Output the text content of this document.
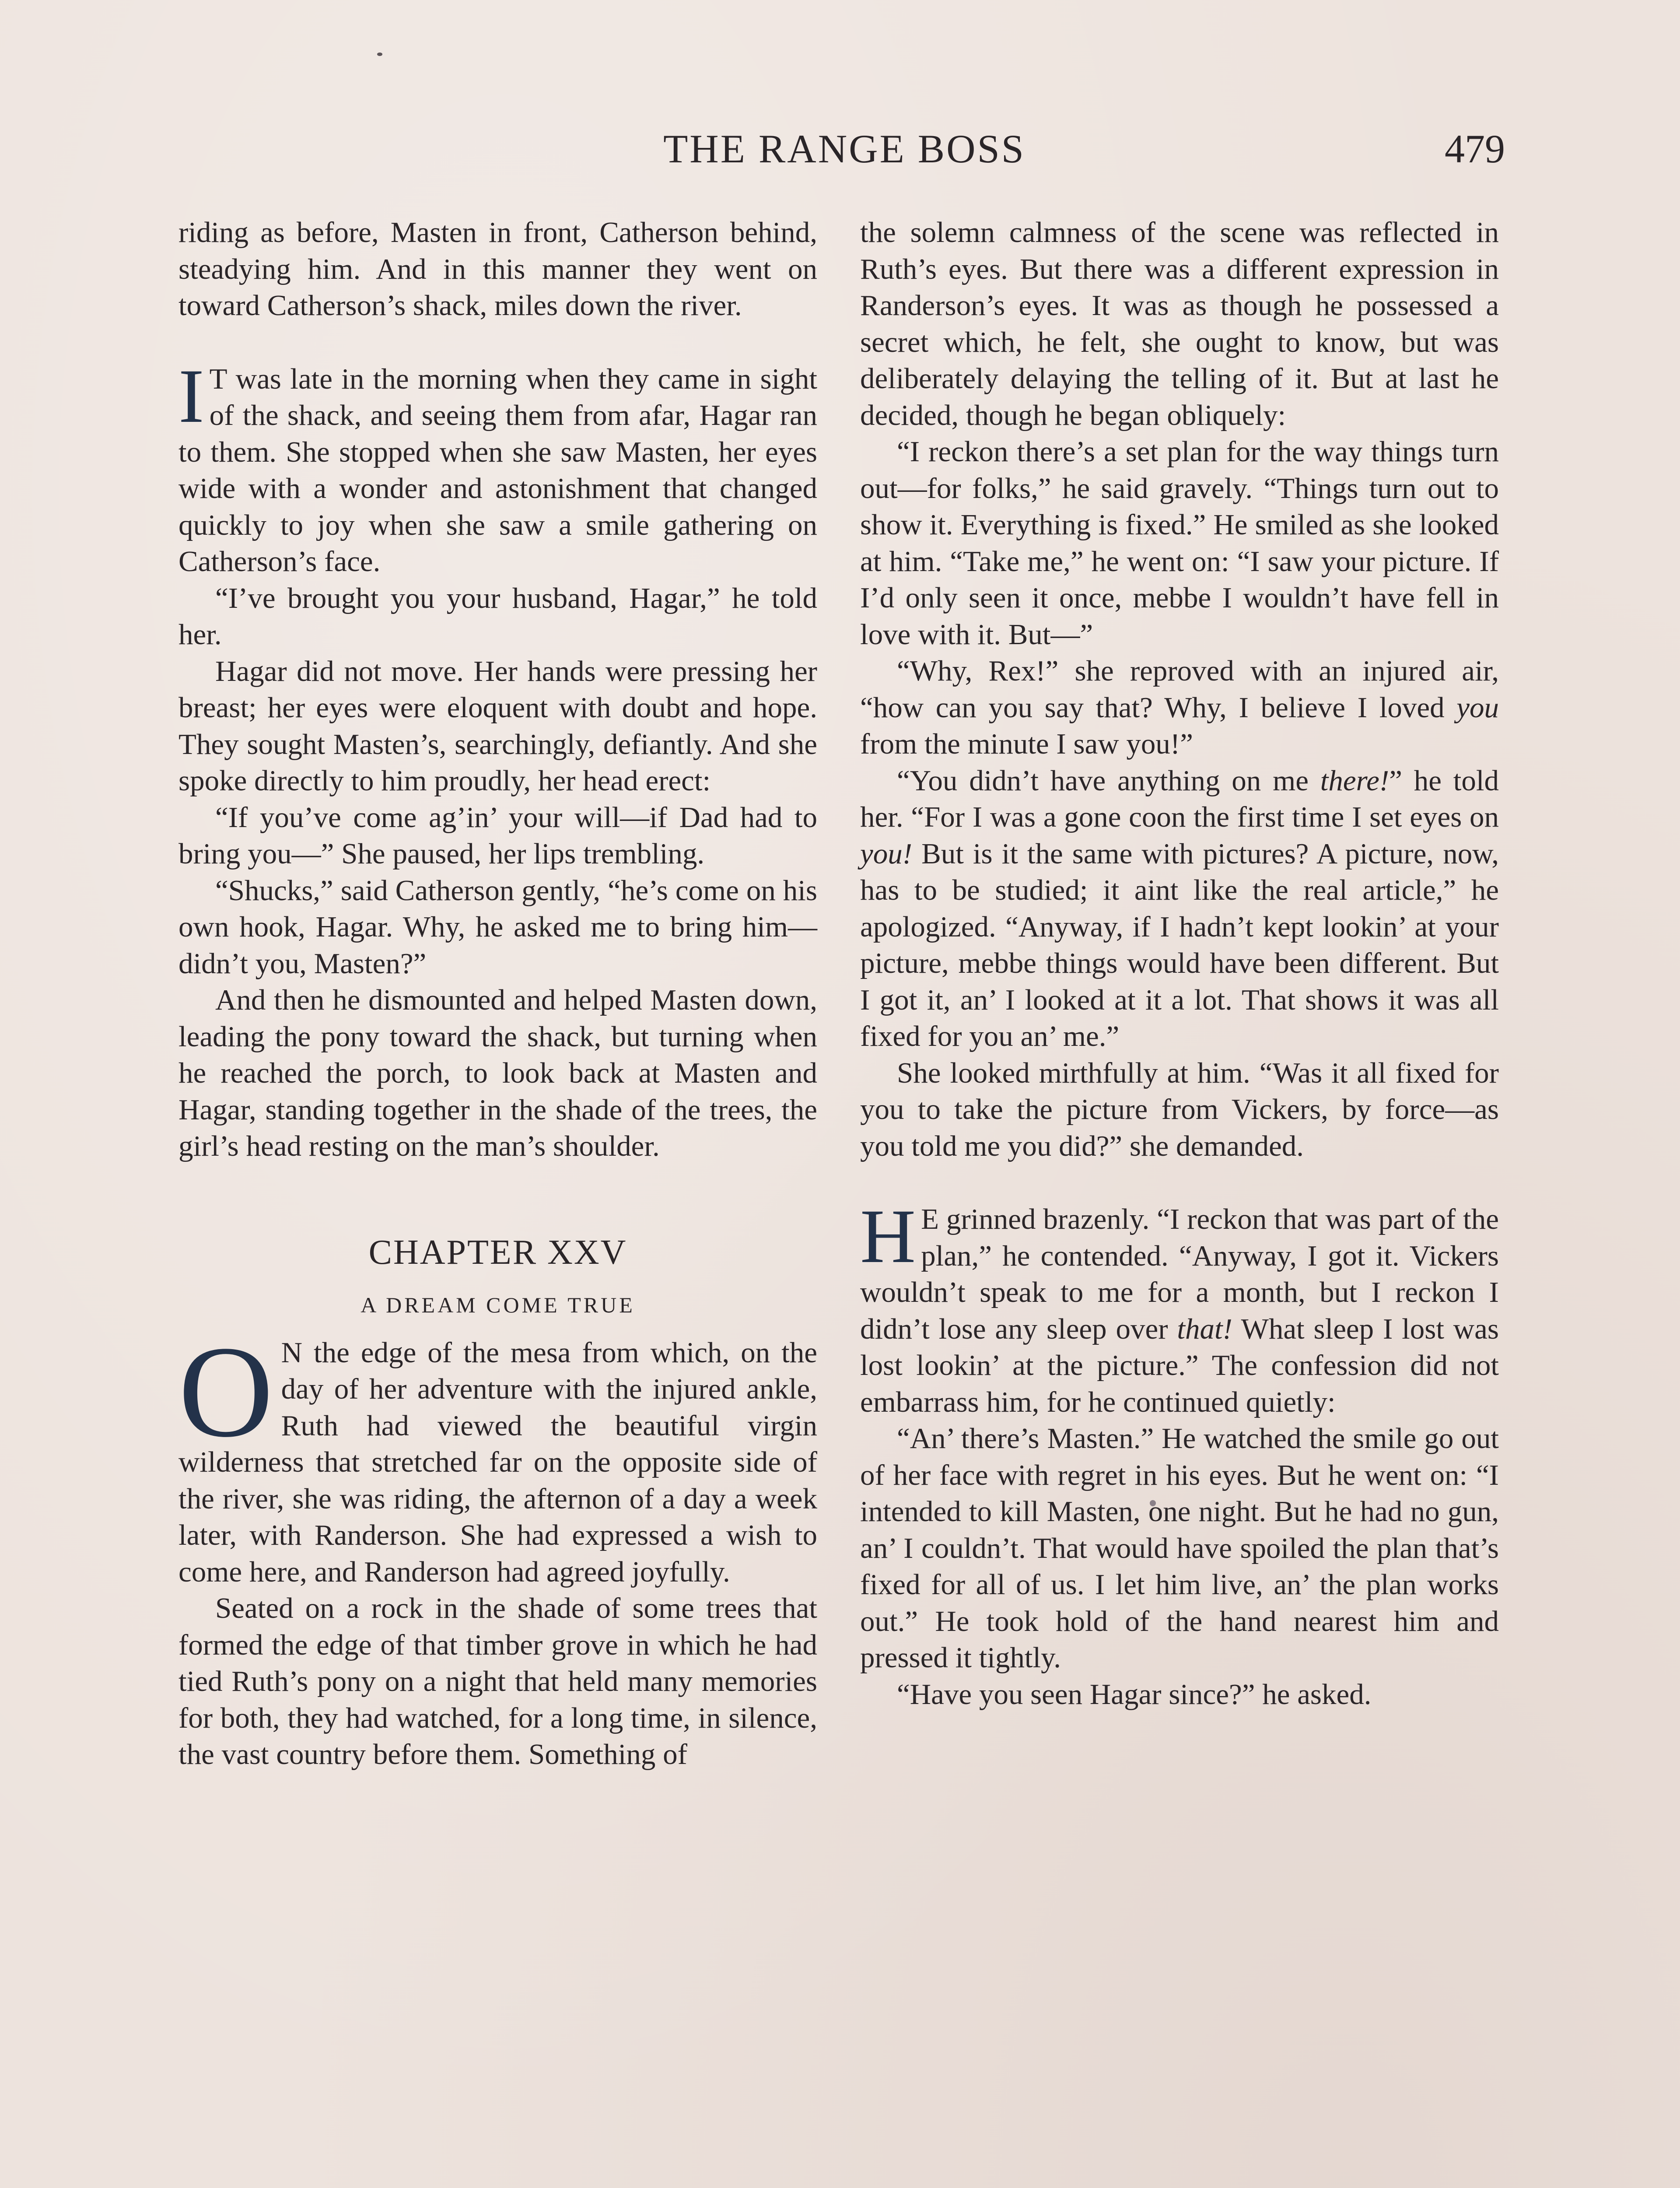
THE RANGE BOSS	479

riding as before, Masten in front, Catherson behind, steadying him. And in this manner they went on toward Catherson’s shack, miles down the river.

I T was late in the morning when they came in sight of the shack, and seeing them from afar, Hagar ran to them. She stopped when she saw Masten, her eyes wide with a wonder and astonishment that changed quickly to joy when she saw a smile gathering on Catherson’s face.

“I’ve brought you your husband, Hagar,” he told her.

Hagar did not move. Her hands were pressing her breast; her eyes were eloquent with doubt and hope. They sought Masten’s, searchingly, defiantly. And she spoke directly to him proudly, her head erect:

“If you’ve come ag’in’ your will—if Dad had to bring you—” She paused, her lips trembling.

“Shucks,” said Catherson gently, “he’s come on his own hook, Hagar. Why, he asked me to bring him—didn’t you, Masten?”

And then he dismounted and helped Masten down, leading the pony toward the shack, but turning when he reached the porch, to look back at Masten and Hagar, standing together in the shade of the trees, the girl’s head resting on the man’s shoulder.

CHAPTER XXV
A DREAM COME TRUE

O N the edge of the mesa from which, on the day of her adventure with the injured ankle, Ruth had viewed the beautiful virgin wilderness that stretched far on the opposite side of the river, she was riding, the afternon of a day a week later, with Randerson. She had expressed a wish to come here, and Randerson had agreed joyfully.

Seated on a rock in the shade of some trees that formed the edge of that timber grove in which he had tied Ruth’s pony on a night that held many memories for both, they had watched, for a long time, in silence, the vast country before them. Something of

the solemn calmness of the scene was reflected in Ruth’s eyes. But there was a different expression in Randerson’s eyes. It was as though he possessed a secret which, he felt, she ought to know, but was deliberately delaying the telling of it. But at last he decided, though he began obliquely:

“I reckon there’s a set plan for the way things turn out—for folks,” he said gravely. “Things turn out to show it. Everything is fixed.” He smiled as she looked at him. “Take me,” he went on: “I saw your picture. If I’d only seen it once, mebbe I wouldn’t have fell in love with it. But—”

“Why, Rex!” she reproved with an injured air, “how can you say that? Why, I believe I loved you from the minute I saw you!”

“You didn’t have anything on me there!” he told her. “For I was a gone coon the first time I set eyes on you! But is it the same with pictures? A picture, now, has to be studied; it aint like the real article,” he apologized. “Anyway, if I hadn’t kept lookin’ at your picture, mebbe things would have been different. But I got it, an’ I looked at it a lot. That shows it was all fixed for you an’ me.”

She looked mirthfully at him. “Was it all fixed for you to take the picture from Vickers, by force—as you told me you did?” she demanded.

H E grinned brazenly. “I reckon that was part of the plan,” he contended. “Anyway, I got it. Vickers wouldn’t speak to me for a month, but I reckon I didn’t lose any sleep over that! What sleep I lost was lost lookin’ at the picture.” The confession did not embarrass him, for he continued quietly:

“An’ there’s Masten.” He watched the smile go out of her face with regret in his eyes. But he went on: “I intended to kill Masten, one night. But he had no gun, an’ I couldn’t. That would have spoiled the plan that’s fixed for all of us. I let him live, an’ the plan works out.” He took hold of the hand nearest him and pressed it tightly.

“Have you seen Hagar since?” he asked.
